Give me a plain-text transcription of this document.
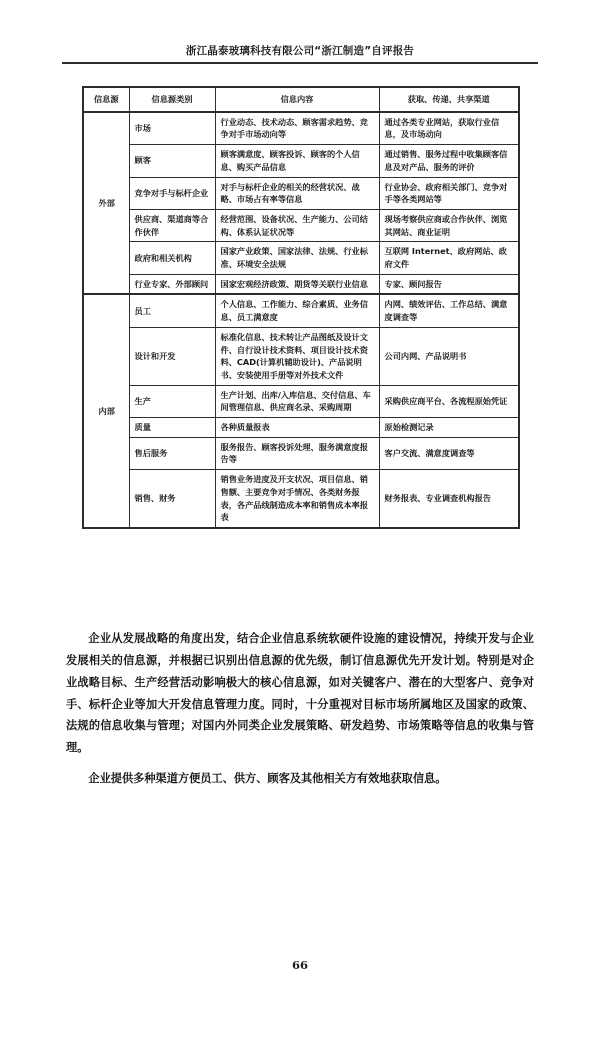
浙江晶泰玻璃科技有限公司“浙江制造”自评报告
信息源	信息源类别	信息内容	获取、传递、共享渠道
外部	市场	行业动态、技术动态、顾客需求趋势、竞争对手市场动向等	通过各类专业网站，获取行业信息，及市场动向
	顾客	顾客满意度、顾客投诉、顾客的个人信息、购买产品信息	通过销售、服务过程中收集顾客信息及对产品、服务的评价
	竞争对手与标杆企业	对手与标杆企业的相关的经营状况、战略、市场占有率等信息	行业协会、政府相关部门、竞争对手等各类网站等
	供应商、渠道商等合作伙伴	经营范围、设备状况、生产能力、公司结构、体系认证状况等	现场考察供应商或合作伙伴、浏览其网站、商业证明
	政府和相关机构	国家产业政策、国家法律、法规、行业标准、环境安全法规	互联网 Internet、政府网站、政府文件
	行业专家、外部顾问	国家宏观经济政策、期货等关联行业信息	专家、顾问报告
内部	员工	个人信息、工作能力、综合素质、业务信息、员工满意度	内网、绩效评估、工作总结、满意度调查等
	设计和开发	标准化信息、技术转让产品图纸及设计文件、自行设计技术资料、项目设计技术资料、CAD(计算机辅助设计)、产品说明书、安装使用手册等对外技术文件	公司内网、产品说明书
	生产	生产计划、出库/入库信息、交付信息、车间管理信息、供应商名录、采购周期	采购供应商平台、各流程原始凭证
	质量	各种质量报表	原始检测记录
	售后服务	服务报告、顾客投诉处理、服务满意度报告等	客户交流、满意度调查等
	销售、财务	销售业务进度及开支状况、项目信息、销售额、主要竞争对手情况、各类财务报表，各产品线制造成本率和销售成本率报表	财务报表、专业调查机构报告

企业从发展战略的角度出发，结合企业信息系统软硬件设施的建设情况，持续开发与企业发展相关的信息源，并根据已识别出信息源的优先级，制订信息源优先开发计划。特别是对企业战略目标、生产经营活动影响极大的核心信息源，如对关键客户、潜在的大型客户、竞争对手、标杆企业等加大开发信息管理力度。同时，十分重视对目标市场所属地区及国家的政策、法规的信息收集与管理；对国内外同类企业发展策略、研发趋势、市场策略等信息的收集与管理。

企业提供多种渠道方便员工、供方、顾客及其他相关方有效地获取信息。

66
